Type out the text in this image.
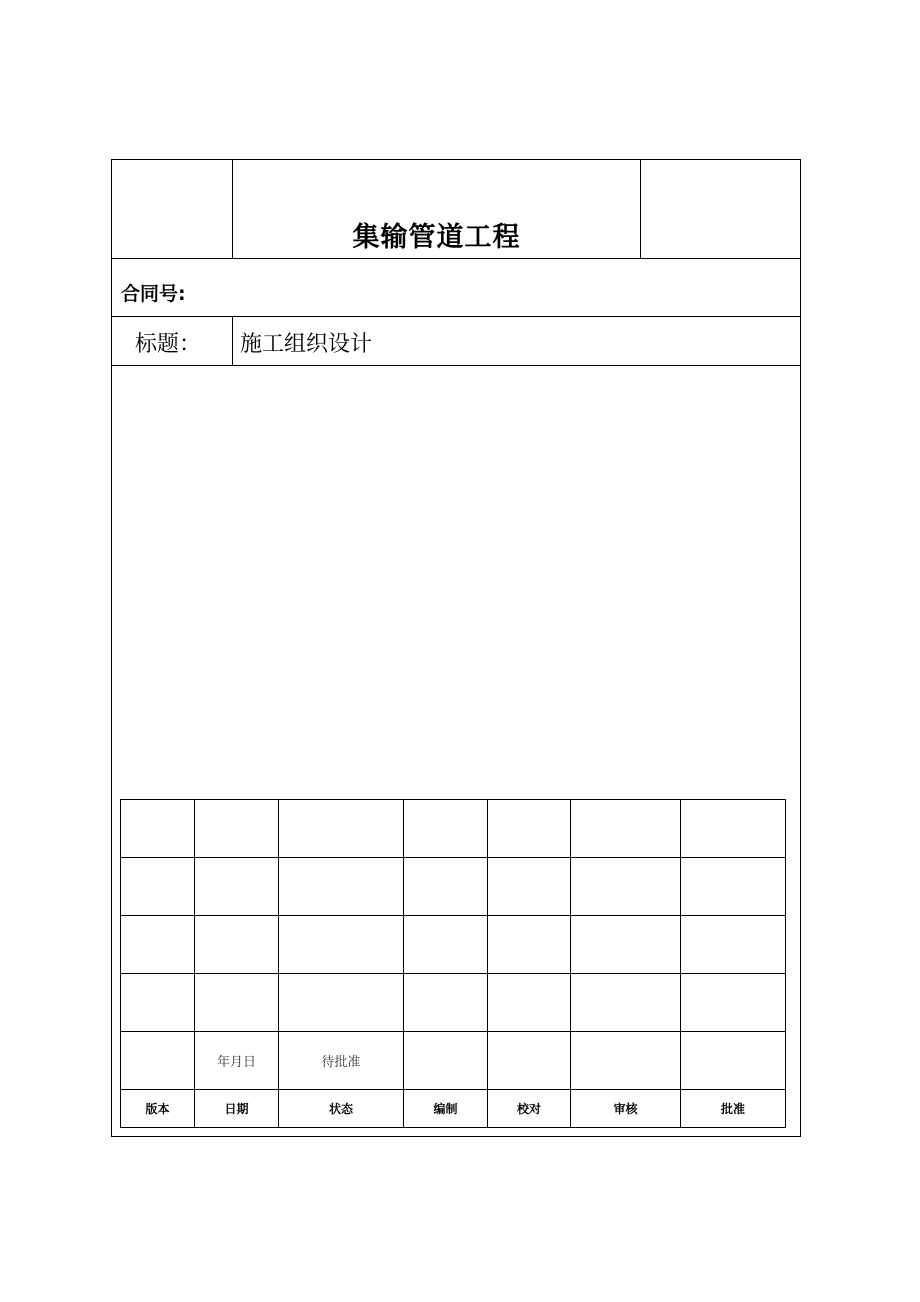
集输管道工程
合同号:
标题： 施工组织设计

	年月日	待批准				
版本	日期	状态	编制	校对	审核	批准
